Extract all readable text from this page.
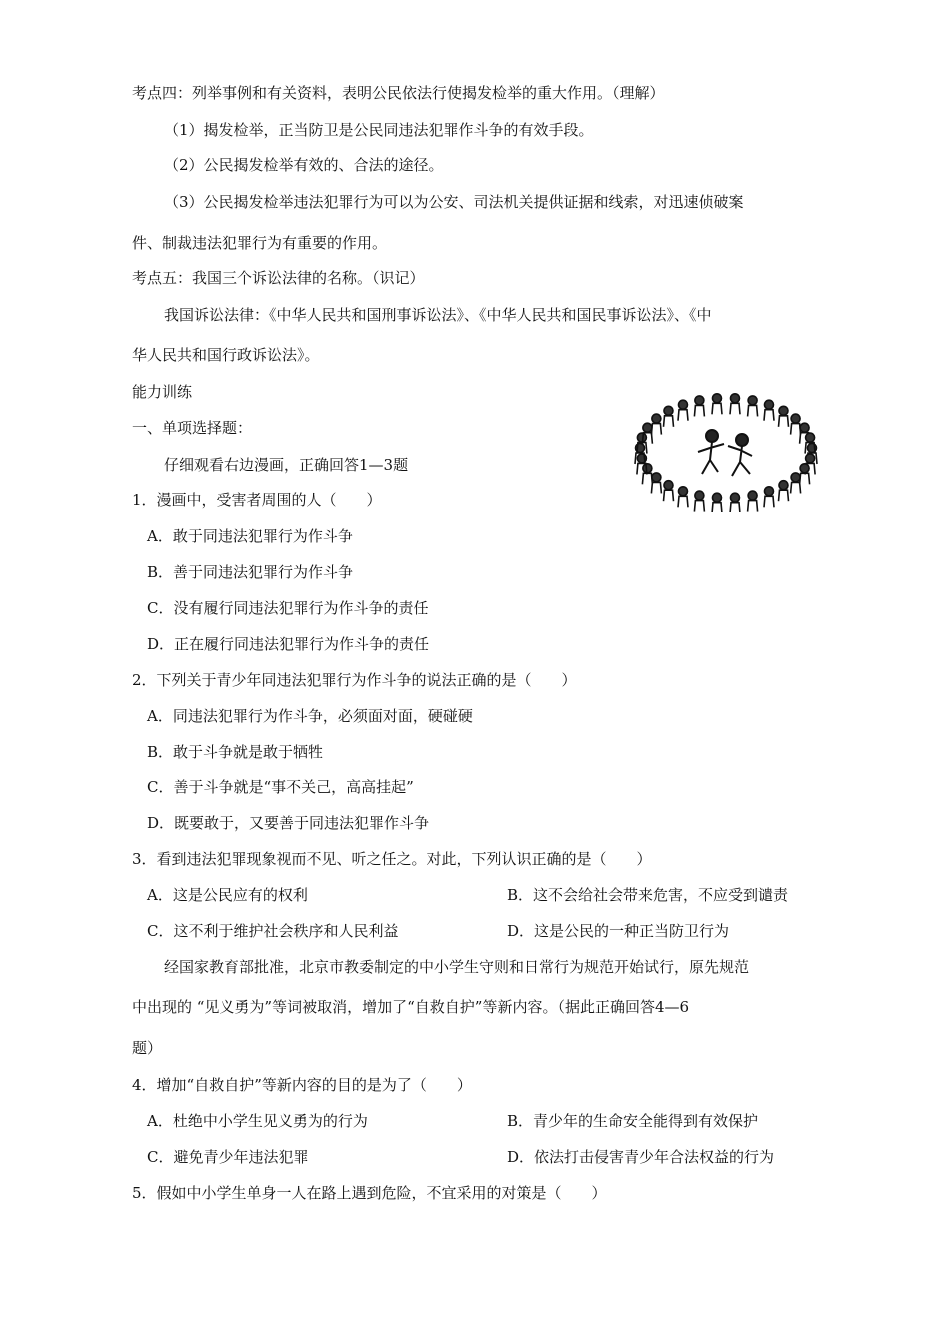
考点四：列举事例和有关资料，表明公民依法行使揭发检举的重大作用。（理解）
（1）揭发检举，正当防卫是公民同违法犯罪作斗争的有效手段。
（2）公民揭发检举有效的、合法的途径。
（3）公民揭发检举违法犯罪行为可以为公安、司法机关提供证据和线索，对迅速侦破案
件、制裁违法犯罪行为有重要的作用。
考点五：我国三个诉讼法律的名称。（识记）
我国诉讼法律：《中华人民共和国刑事诉讼法》、《中华人民共和国民事诉讼法》、《中
华人民共和国行政诉讼法》。
能力训练
一、单项选择题：
仔细观看右边漫画，正确回答1—3题
1．漫画中，受害者周围的人（　　）
A．敢于同违法犯罪行为作斗争
B．善于同违法犯罪行为作斗争
C．没有履行同违法犯罪行为作斗争的责任
D．正在履行同违法犯罪行为作斗争的责任
2．下列关于青少年同违法犯罪行为作斗争的说法正确的是（　　）
A．同违法犯罪行为作斗争，必须面对面，硬碰硬
B．敢于斗争就是敢于牺牲
C．善于斗争就是“事不关己，高高挂起”
D．既要敢于，又要善于同违法犯罪作斗争
3．看到违法犯罪现象视而不见、听之任之。对此，下列认识正确的是（　　）
A．这是公民应有的权利	B．这不会给社会带来危害，不应受到谴责
C．这不利于维护社会秩序和人民利益	D．这是公民的一种正当防卫行为
经国家教育部批准，北京市教委制定的中小学生守则和日常行为规范开始试行，原先规范
中出现的 “见义勇为”等词被取消，增加了“自救自护”等新内容。（据此正确回答4—6
题）
4．增加“自救自护”等新内容的目的是为了（　　）
A．杜绝中小学生见义勇为的行为	B．青少年的生命安全能得到有效保护
C．避免青少年违法犯罪	D．依法打击侵害青少年合法权益的行为
5．假如中小学生单身一人在路上遇到危险，不宜采用的对策是（　　）
